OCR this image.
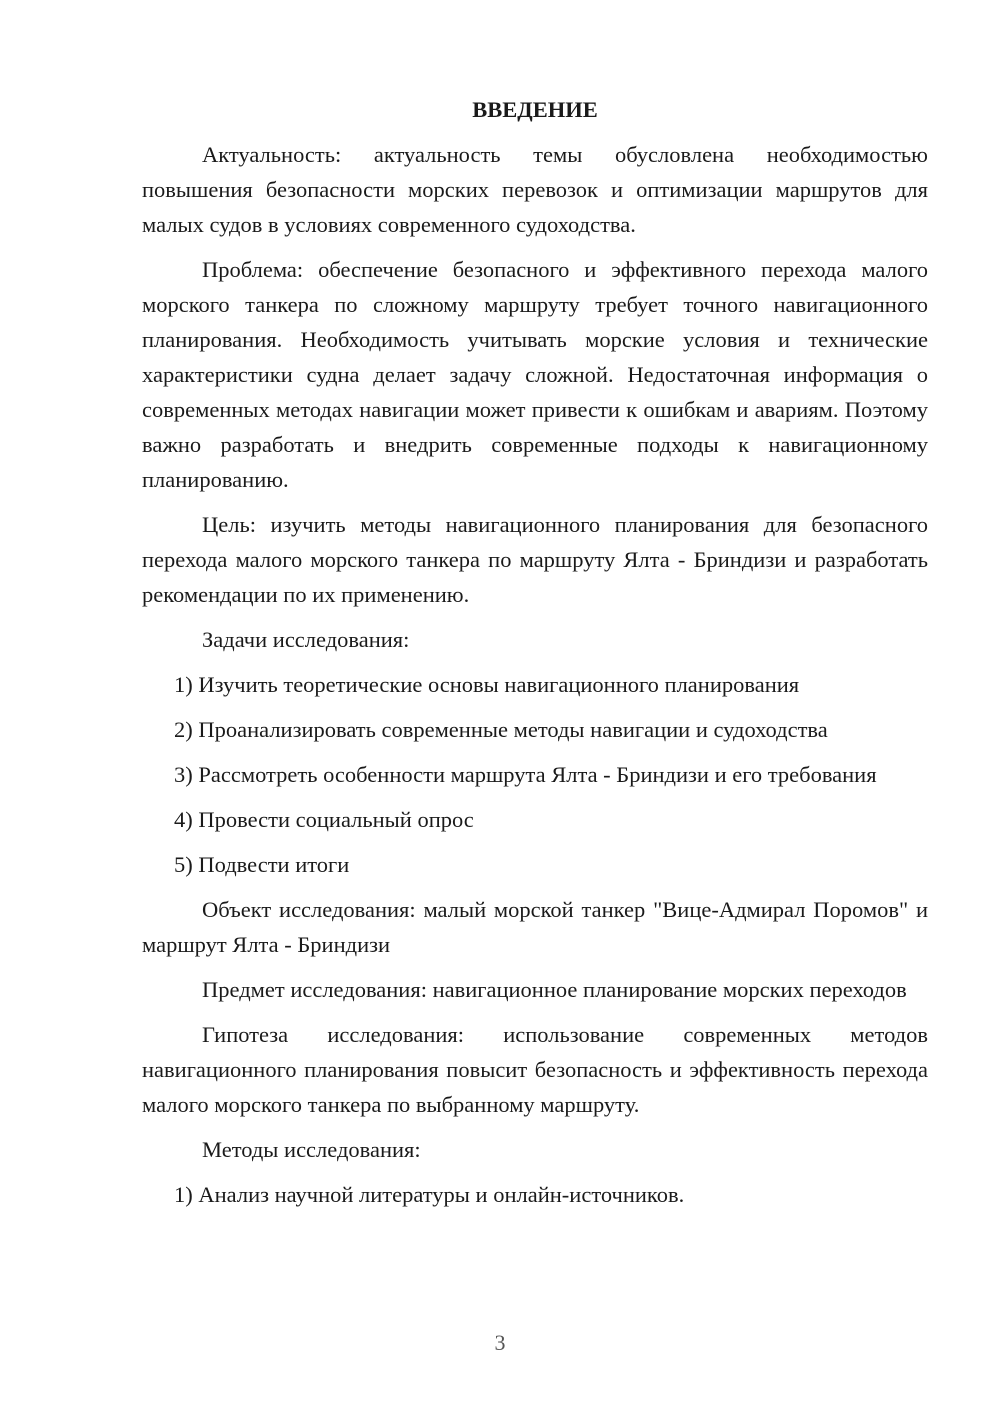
ВВЕДЕНИЕ

Актуальность: актуальность темы обусловлена необходимостью повышения безопасности морских перевозок и оптимизации маршрутов для малых судов в условиях современного судоходства.

Проблема: обеспечение безопасного и эффективного перехода малого морского танкера по сложному маршруту требует точного навигационного планирования. Необходимость учитывать морские условия и технические характеристики судна делает задачу сложной. Недостаточная информация о современных методах навигации может привести к ошибкам и авариям. Поэтому важно разработать и внедрить современные подходы к навигационному планированию.

Цель: изучить методы навигационного планирования для безопасного перехода малого морского танкера по маршруту Ялта - Бриндизи и разработать рекомендации по их применению.

Задачи исследования:

1) Изучить теоретические основы навигационного планирования

2) Проанализировать современные методы навигации и судоходства

3) Рассмотреть особенности маршрута Ялта - Бриндизи и его требования

4) Провести социальный опрос

5) Подвести итоги

Объект исследования: малый морской танкер "Вице-Адмирал Поромов" и маршрут Ялта - Бриндизи

Предмет исследования: навигационное планирование морских переходов

Гипотеза исследования: использование современных методов навигационного планирования повысит безопасность и эффективность перехода малого морского танкера по выбранному маршруту.

Методы исследования:

1) Анализ научной литературы и онлайн-источников.

3
